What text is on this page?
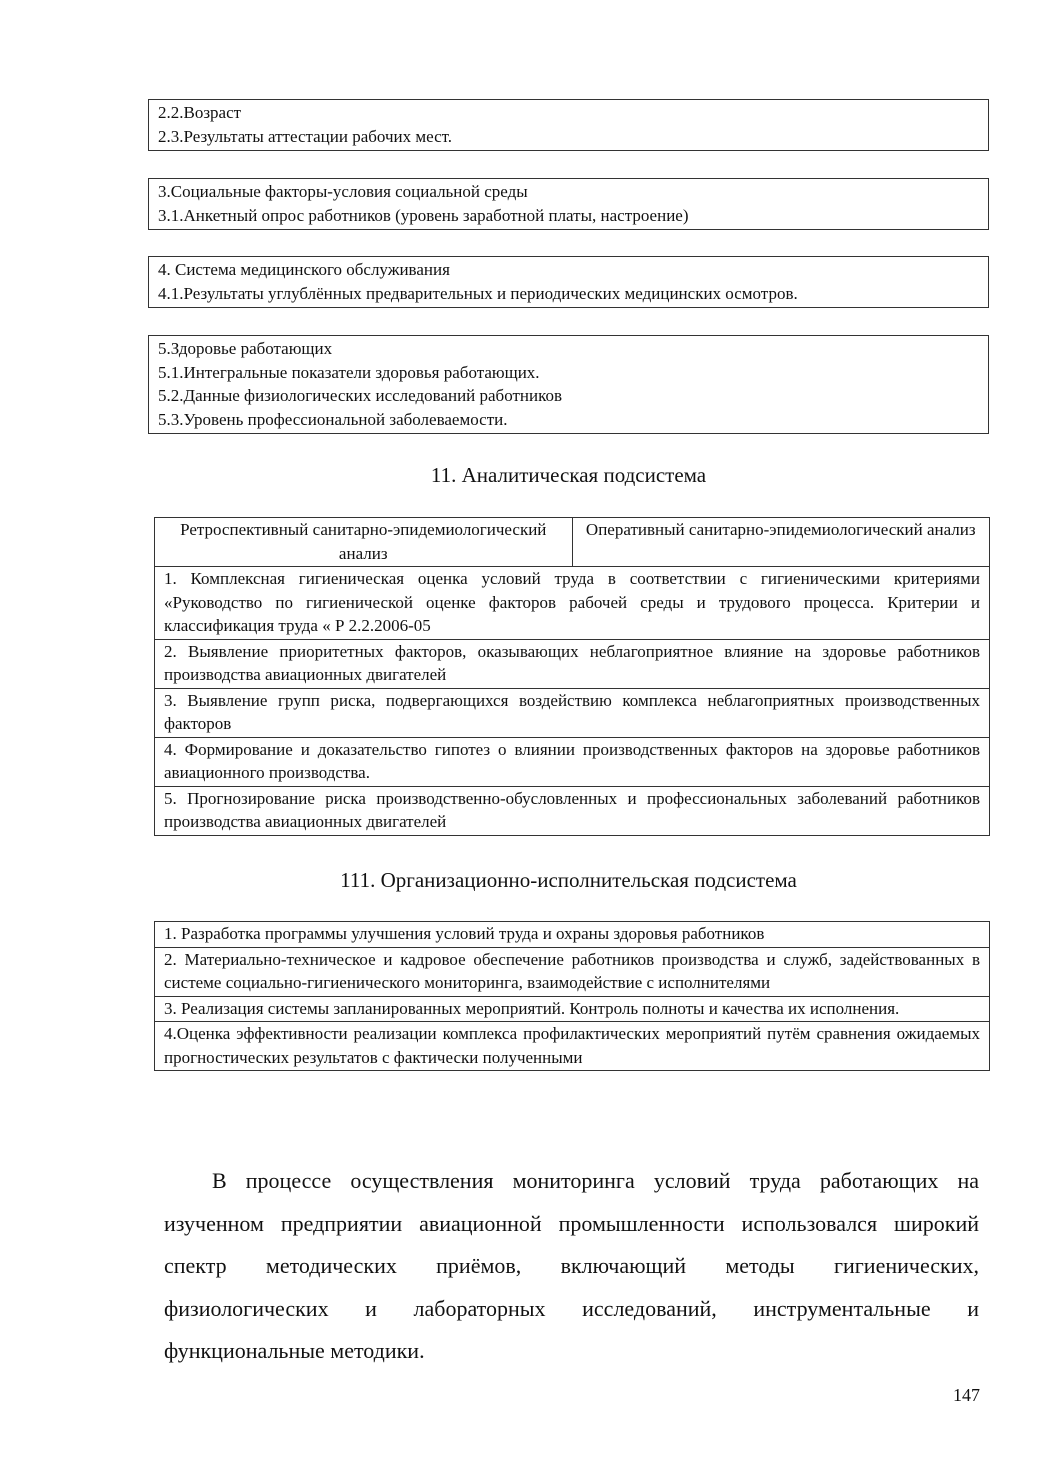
2.2.Возраст
2.3.Результаты аттестации рабочих мест.
3.Социальные факторы-условия социальной среды
3.1.Анкетный опрос работников (уровень заработной платы, настроение)
4. Система медицинского обслуживания
4.1.Результаты углублённых предварительных и периодических медицинских осмотров.
5.Здоровье работающих
5.1.Интегральные показатели здоровья работающих.
5.2.Данные физиологических исследований работников
5.3.Уровень профессиональной заболеваемости.
11. Аналитическая подсистема
Ретроспективный санитарно-эпидемиологический анализ	Оперативный санитарно-эпидемиологический анализ
1. Комплексная гигиеническая оценка условий труда в соответствии с гигиеническими критериями «Руководство по гигиенической оценке факторов рабочей среды и трудового процесса. Критерии и классификация труда « Р 2.2.2006-05
2. Выявление приоритетных факторов, оказывающих неблагоприятное влияние на здоровье работников производства авиационных двигателей
3. Выявление групп риска, подвергающихся воздействию комплекса неблагоприятных производственных факторов
4. Формирование и доказательство гипотез о влиянии производственных факторов на здоровье работников авиационного производства.
5. Прогнозирование риска производственно-обусловленных и профессиональных заболеваний работников производства авиационных двигателей
111. Организационно-исполнительская подсистема
1. Разработка программы улучшения условий труда и охраны здоровья работников
2. Материально-техническое и кадровое обеспечение работников производства и служб, задействованных в системе социально-гигиенического мониторинга, взаимодействие с исполнителями
3. Реализация системы запланированных мероприятий. Контроль полноты и качества их исполнения.
4.Оценка эффективности реализации комплекса профилактических мероприятий путём сравнения ожидаемых прогностических результатов с фактически полученными

В процессе осуществления мониторинга условий труда работающих на изученном предприятии авиационной промышленности использовался широкий спектр методических приёмов, включающий методы гигиенических, физиологических и лабораторных исследований, инструментальные и функциональные методики.

147
